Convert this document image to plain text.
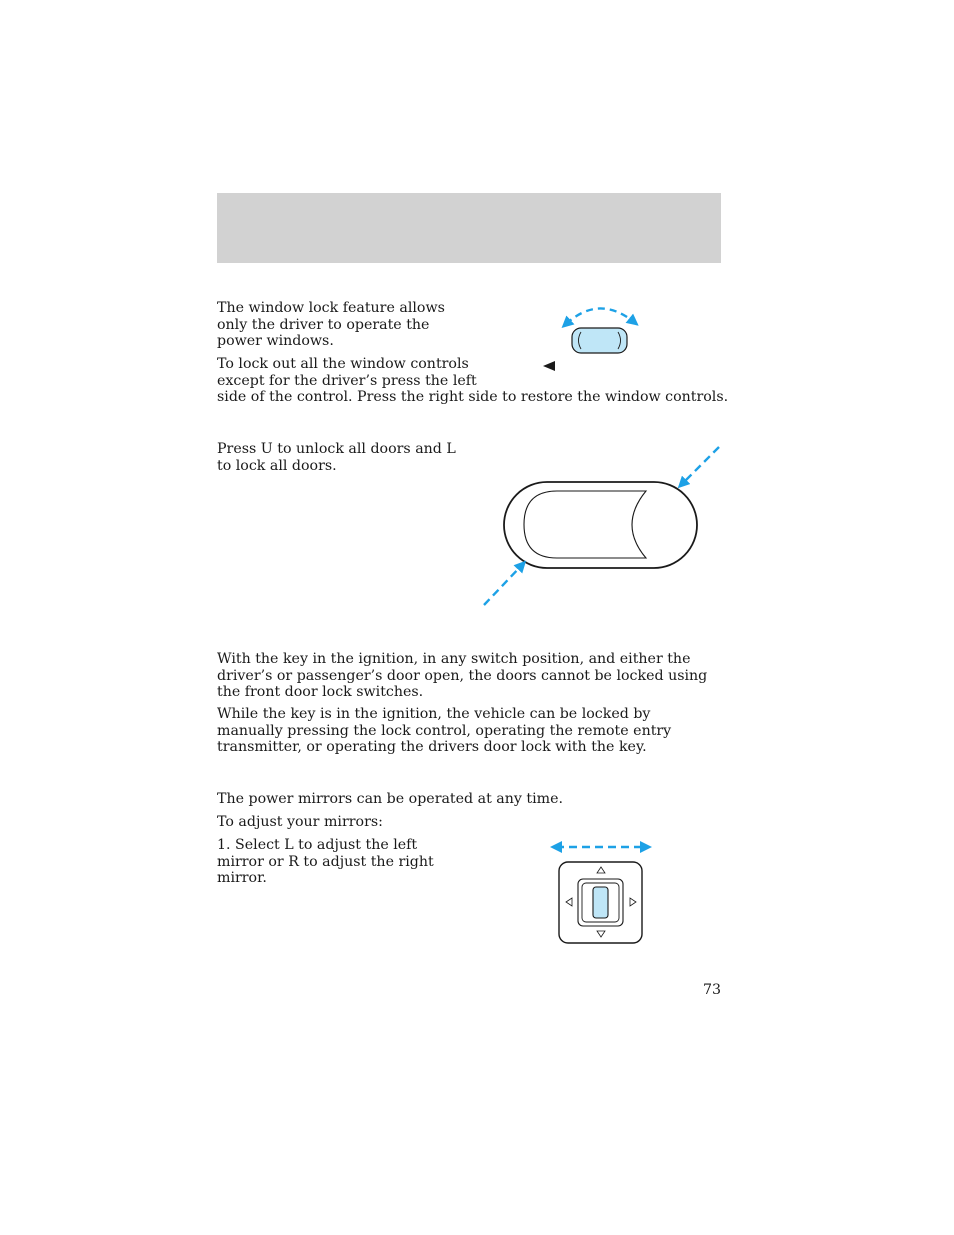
The window lock feature allows only the driver to operate the power windows.

To lock out all the window controls
except for the driver’s press the left
side of the control. Press the right side to restore the window controls.

Press U to unlock all doors and L to lock all doors.

With the key in the ignition, in any switch position, and either the driver’s or passenger’s door open, the doors cannot be locked using the front door lock switches.

While the key is in the ignition, the vehicle can be locked by manually pressing the lock control, operating the remote entry transmitter, or operating the drivers door lock with the key.

The power mirrors can be operated at any time.

To adjust your mirrors:

1. Select L to adjust the left mirror or R to adjust the right mirror.

73
